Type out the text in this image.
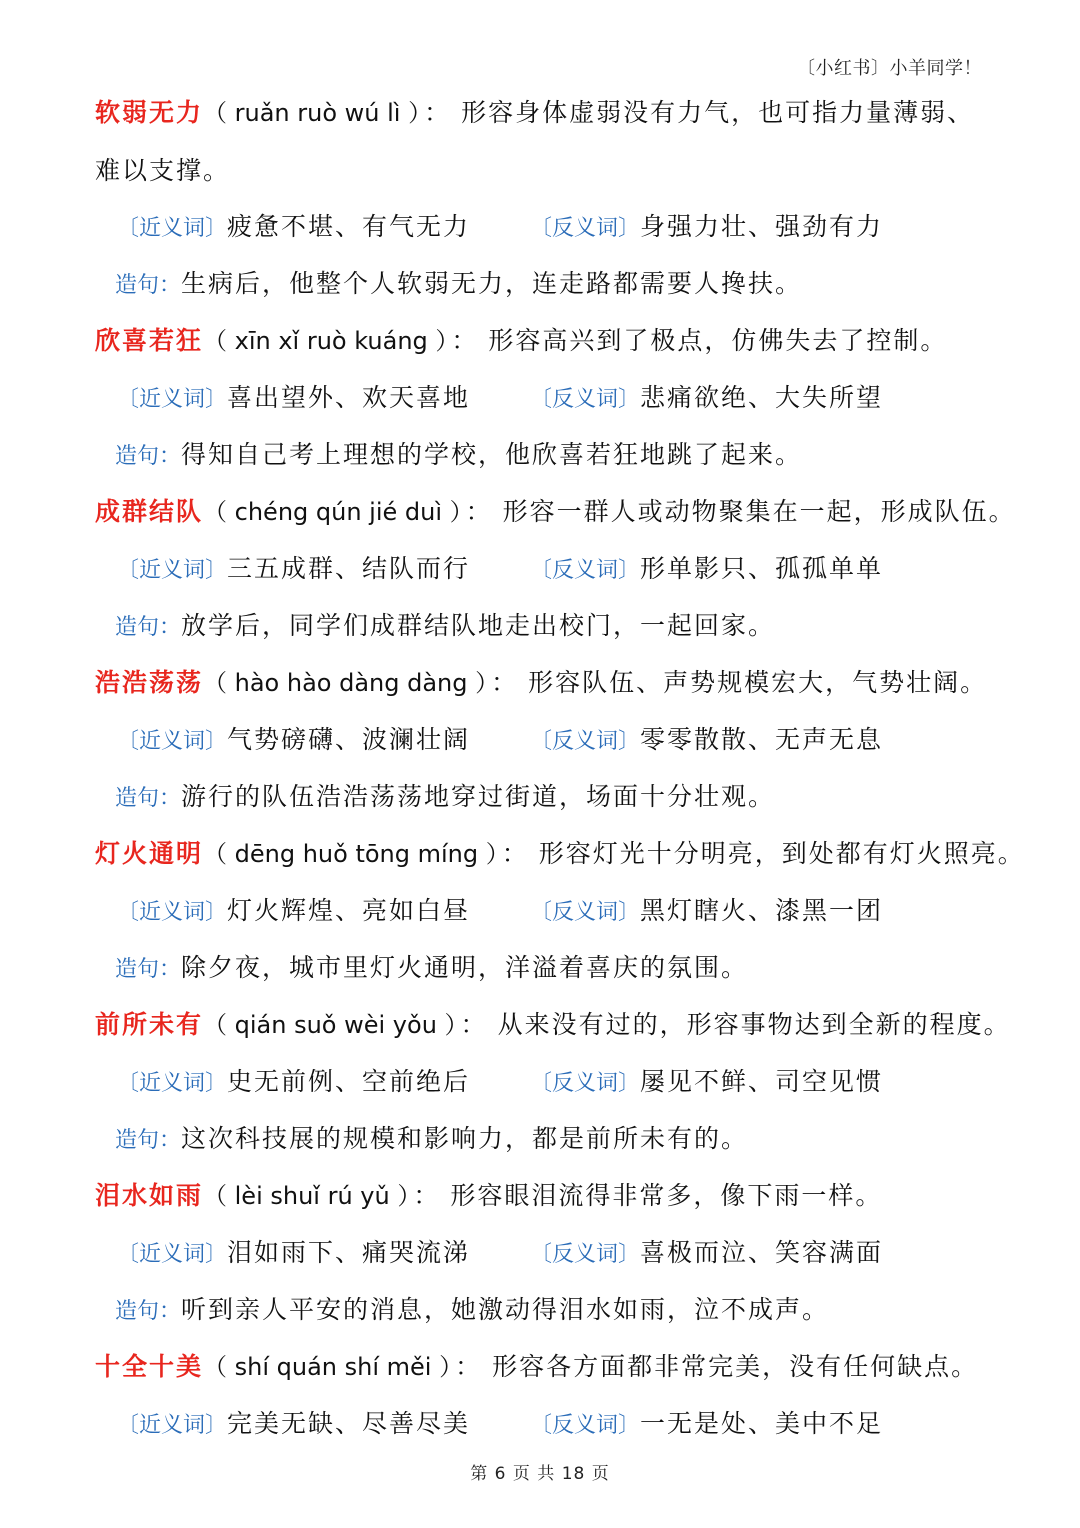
〔小红书〕小羊同学！
软弱无力（ ruǎn ruò wú lì ） ： 形容身体虚弱没有力气，也可指力量薄弱、难以支撑。
〔近义词〕疲惫不堪、有气无力	〔反义词〕身强力壮、强劲有力
造句：生病后，他整个人软弱无力，连走路都需要人搀扶。
欣喜若狂（ xīn xǐ ruò kuáng ） ： 形容高兴到了极点，仿佛失去了控制。
〔近义词〕喜出望外、欢天喜地	〔反义词〕悲痛欲绝、大失所望
造句：得知自己考上理想的学校，他欣喜若狂地跳了起来。
成群结队（ chéng qún jié duì ） ： 形容一群人或动物聚集在一起，形成队伍。
〔近义词〕三五成群、结队而行	〔反义词〕形单影只、孤孤单单
造句：放学后，同学们成群结队地走出校门，一起回家。
浩浩荡荡（ hào hào dàng dàng ） ： 形容队伍、声势规模宏大，气势壮阔。
〔近义词〕气势磅礴、波澜壮阔	〔反义词〕零零散散、无声无息
造句：游行的队伍浩浩荡荡地穿过街道，场面十分壮观。
灯火通明（ dēng huǒ tōng míng ） ： 形容灯光十分明亮，到处都有灯火照亮。
〔近义词〕灯火辉煌、亮如白昼	〔反义词〕黑灯瞎火、漆黑一团
造句：除夕夜，城市里灯火通明，洋溢着喜庆的氛围。
前所未有（ qián suǒ wèi yǒu ） ： 从来没有过的，形容事物达到全新的程度。
〔近义词〕史无前例、空前绝后	〔反义词〕屡见不鲜、司空见惯
造句：这次科技展的规模和影响力，都是前所未有的。
泪水如雨（ lèi shuǐ rú yǔ ） ： 形容眼泪流得非常多，像下雨一样。
〔近义词〕泪如雨下、痛哭流涕	〔反义词〕喜极而泣、笑容满面
造句：听到亲人平安的消息，她激动得泪水如雨，泣不成声。
十全十美（ shí quán shí měi ） ： 形容各方面都非常完美，没有任何缺点。
〔近义词〕完美无缺、尽善尽美	〔反义词〕一无是处、美中不足
第 6 页 共 18 页
